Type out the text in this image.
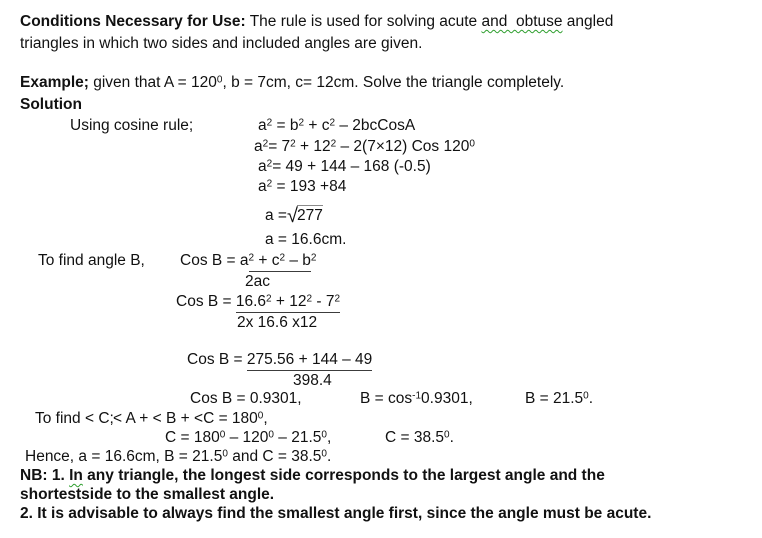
Conditions Necessary for Use: The rule is used for solving acute and  obtuse angled
triangles in which two sides and included angles are given.
Example; given that $A = 120^0$, b = 7cm, c= 12cm. Solve the triangle completely.
Solution

Using cosine rule;

	$a^2 = b^2 + c^2$ – 2bcCosA

$a^2= 7^2 + 12^2 - 2(7\times 12)$ Cos $120^0$
$a^2= 49 + 144 - 168$ (-0.5)
$a^2 = 193 +84$
a =√277
a = 16.6cm.

To find angle B,

Cos $B = a^2 + c^2 - b^2$

2ac
Cos $B = 16.6^2 + 12^2 - 7^2$
2x 16.6 x12
Cos B = 275.56 + 144 – 49
398.4

Cos B = 0.9301,

	$B = \cos^{-1}0.9301$,

	$B = 21.5^0$.

To find < C;

< A + < $B + <C = 180^0$,

$C = 180^0 - 120^0 - 21.5^0$,

	$C = 38.5^0$.

Hence, a = 16.6cm, $B = 21.5^0$ and $C = 38.5^0$.
NB: 1. In any triangle, the longest side corresponds to the largest angle and the
shortestside to the smallest angle.
2. It is advisable to always find the smallest angle first, since the angle must be acute.
